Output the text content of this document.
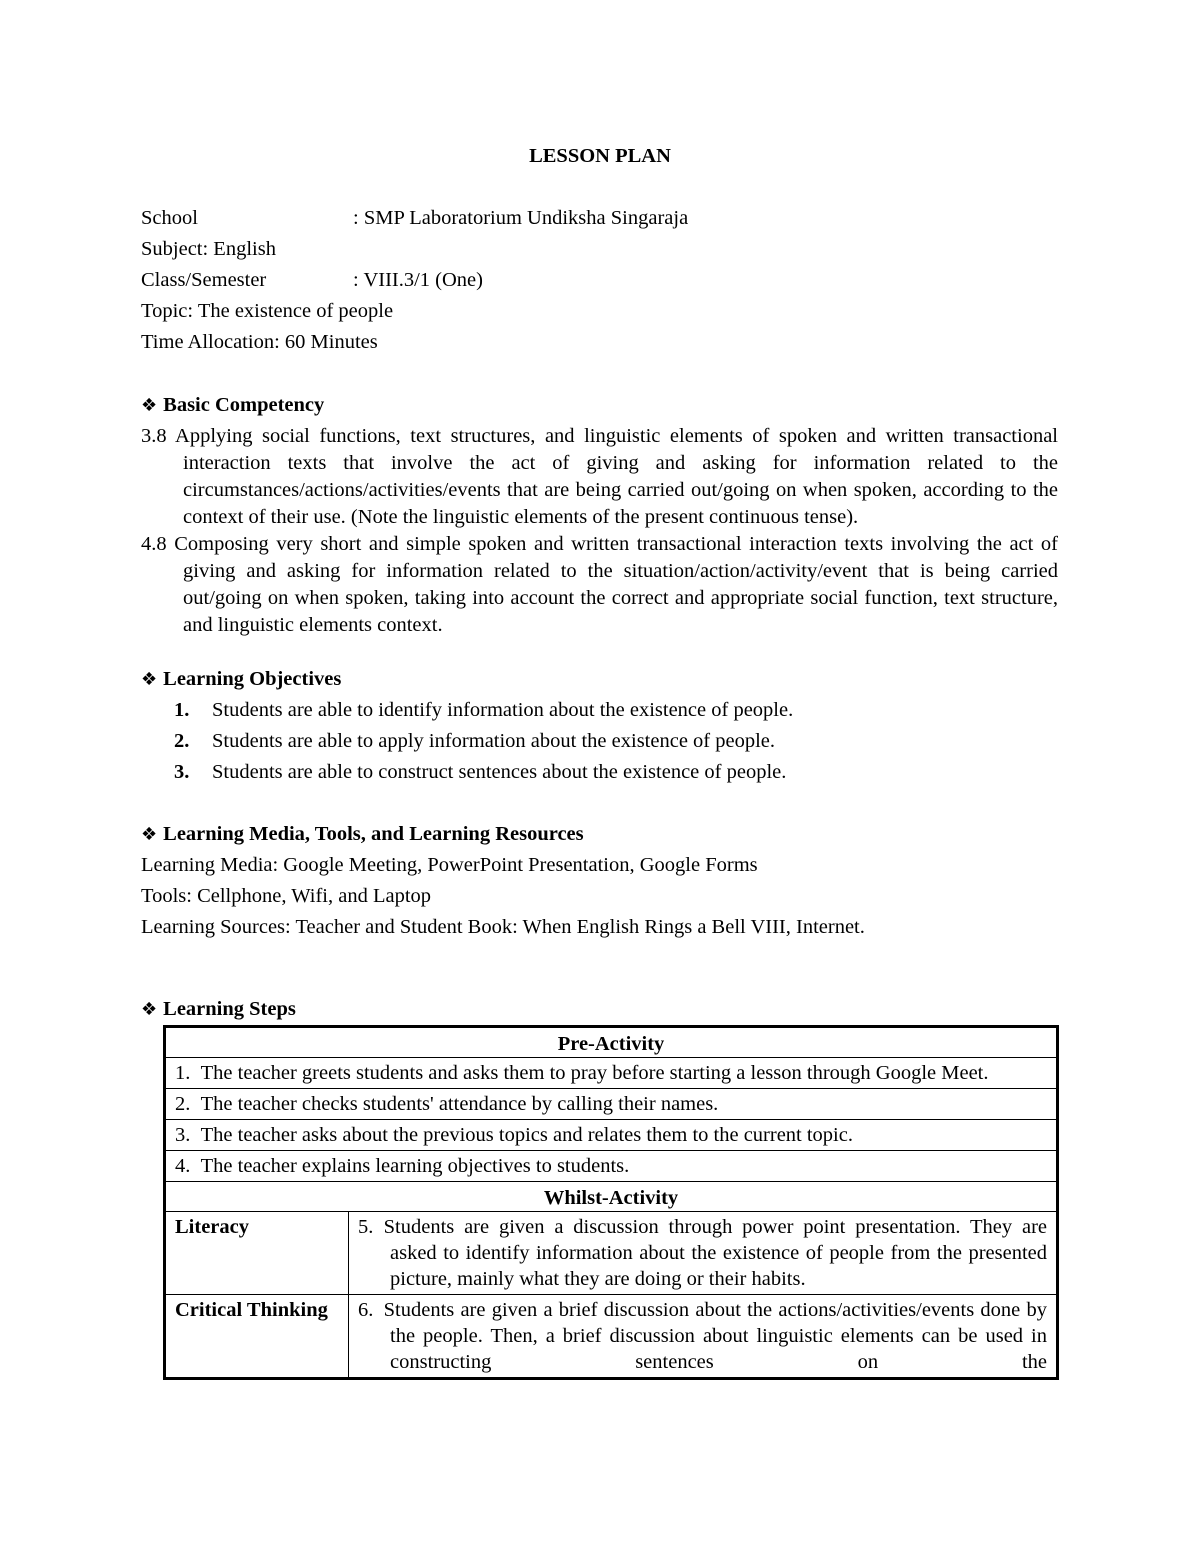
LESSON PLAN
School	: SMP Laboratorium Undiksha Singaraja
Subject: English
Class/Semester	: VIII.3/1 (One)
Topic: The existence of people
Time Allocation: 60 Minutes
❖ Basic Competency
3.8 Applying social functions, text structures, and linguistic elements of spoken and written transactional interaction texts that involve the act of giving and asking for information related to the circumstances/actions/activities/events that are being carried out/going on when spoken, according to the context of their use. (Note the linguistic elements of the present continuous tense).
4.8 Composing very short and simple spoken and written transactional interaction texts involving the act of giving and asking for information related to the situation/action/activity/event that is being carried out/going on when spoken, taking into account the correct and appropriate social function, text structure, and linguistic elements context.
❖ Learning Objectives
1. Students are able to identify information about the existence of people.
2. Students are able to apply information about the existence of people.
3. Students are able to construct sentences about the existence of people.
❖ Learning Media, Tools, and Learning Resources
Learning Media: Google Meeting, PowerPoint Presentation, Google Forms
Tools: Cellphone, Wifi, and Laptop
Learning Sources: Teacher and Student Book: When English Rings a Bell VIII, Internet.
❖ Learning Steps
Pre-Activity	

1. The teacher greets students and asks them to pray before starting a lesson through Google Meet.	

2. The teacher checks students' attendance by calling their names.	

3. The teacher asks about the previous topics and relates them to the current topic.	

4. The teacher explains learning objectives to students.	

Whilst-Activity	
Literacy	5. Students are given a discussion through power point presentation. They are asked to identify information about the existence of people from the presented picture, mainly what they are doing or their habits.

Critical Thinking	6. Students are given a brief discussion about the actions/activities/events done by the people. Then, a brief discussion about linguistic elements can be used in constructing sentences on the
